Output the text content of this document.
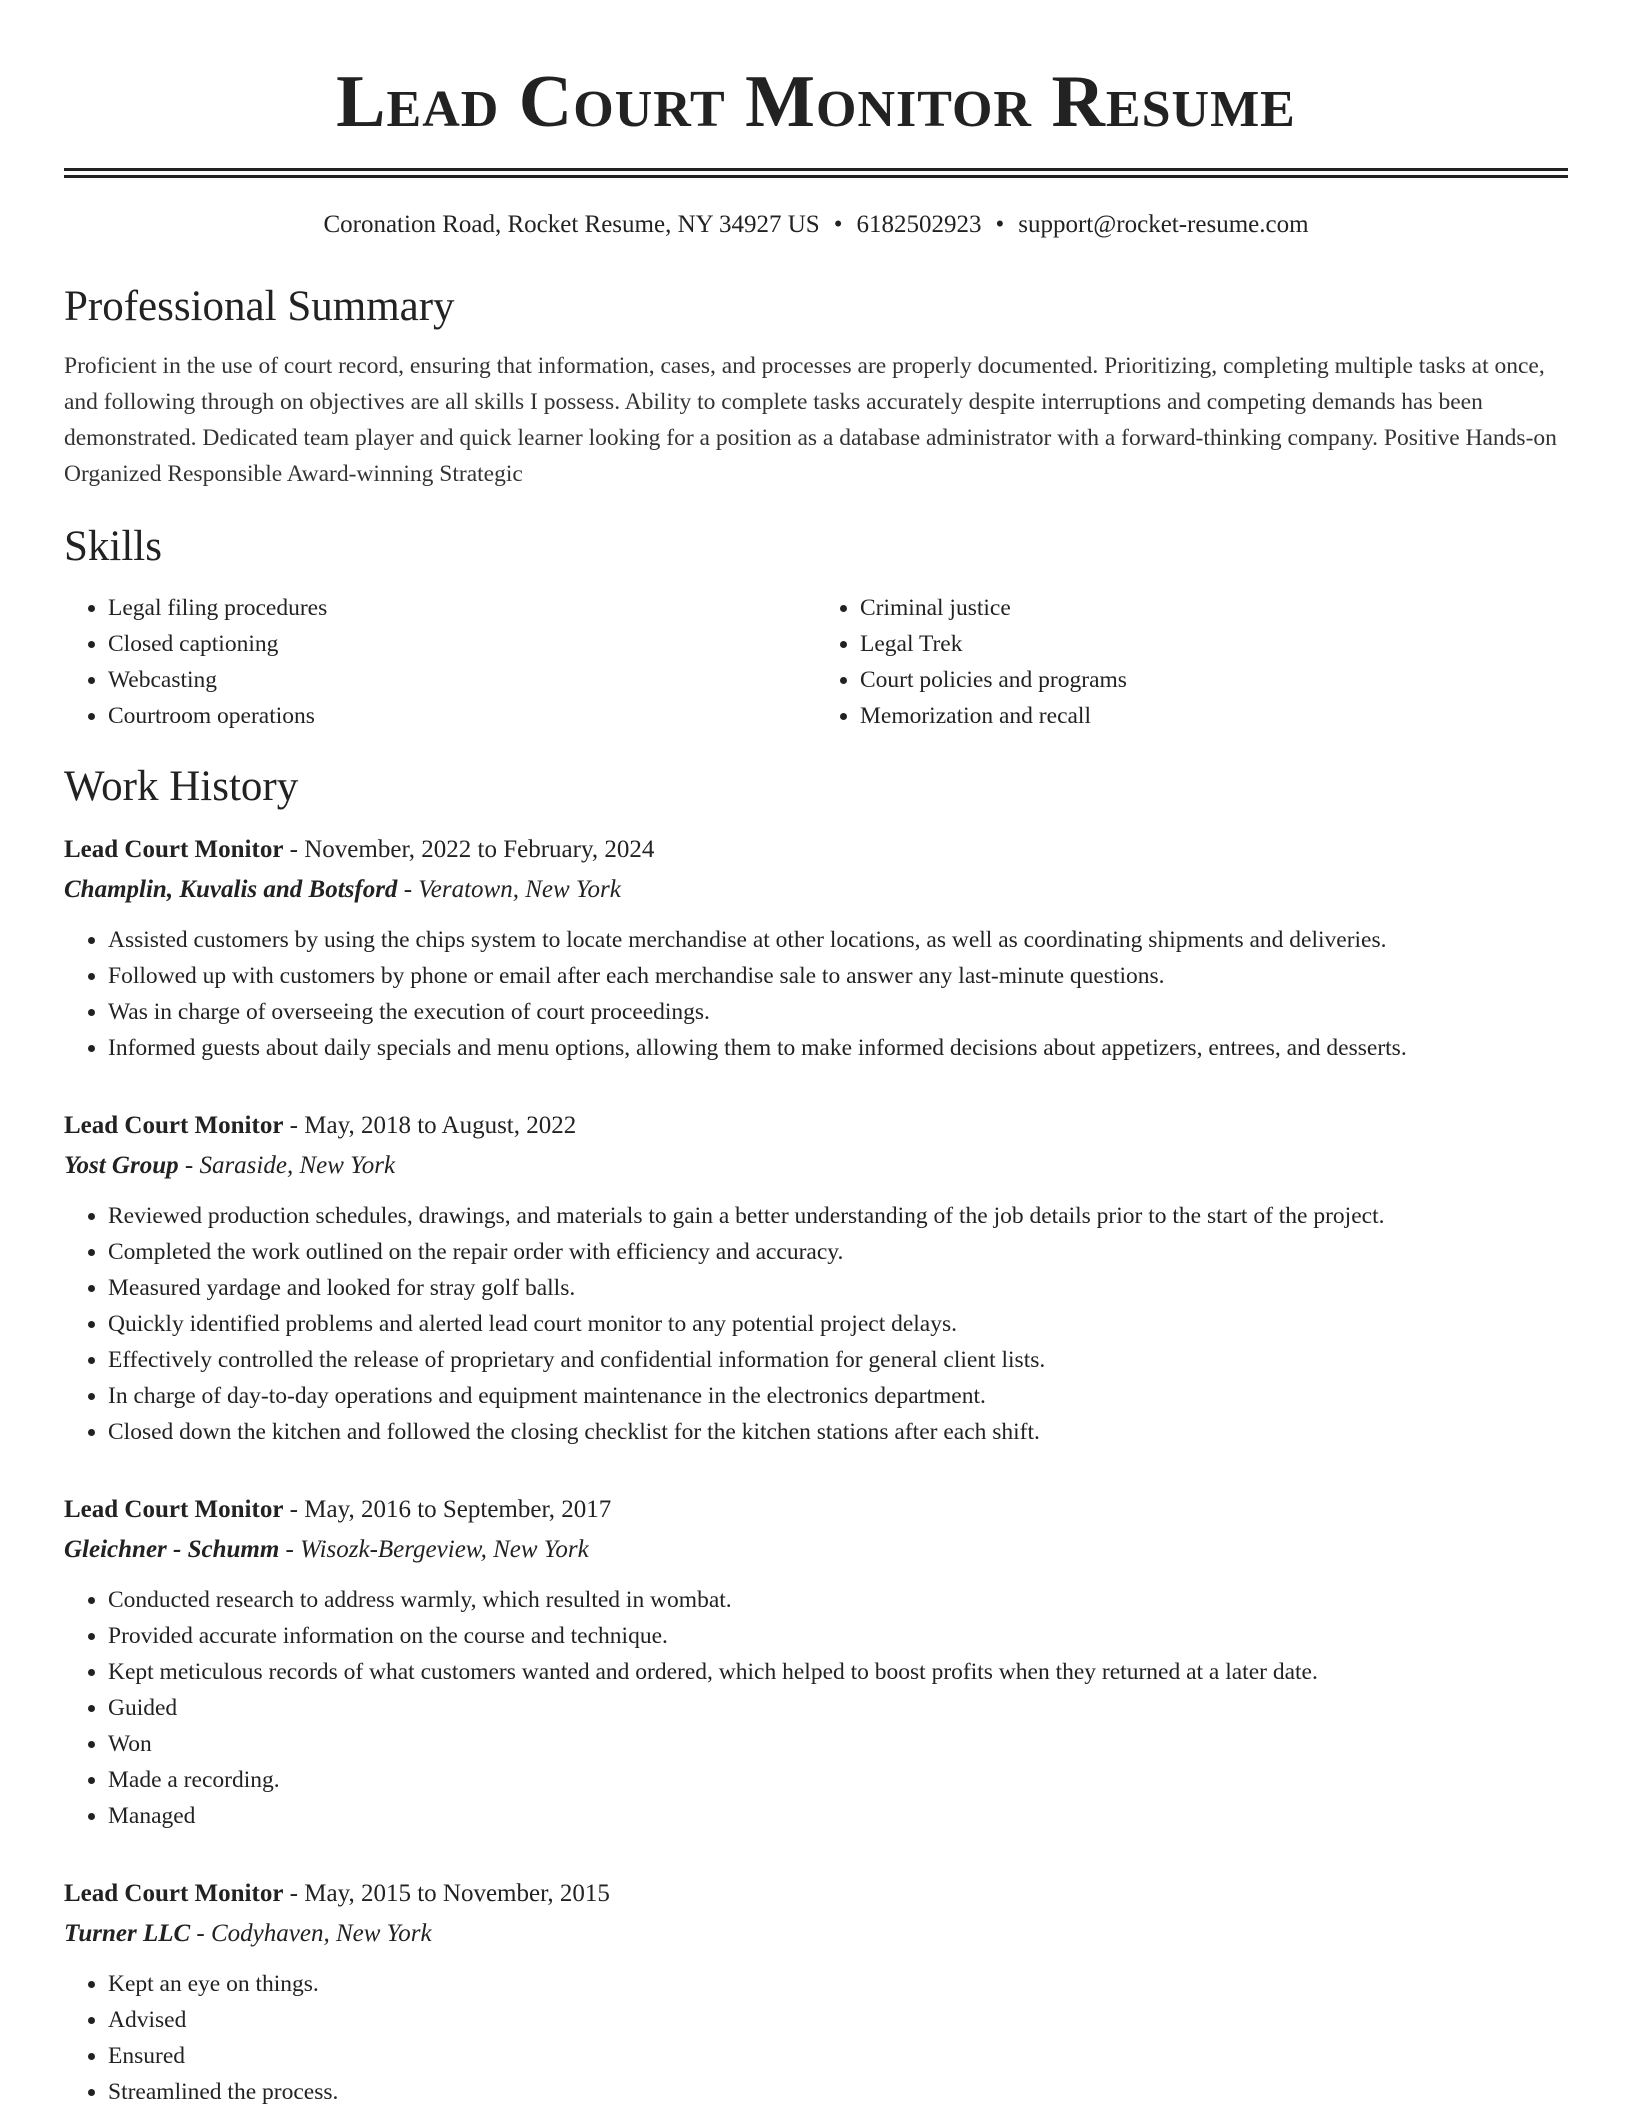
Lead Court Monitor Resume
Coronation Road, Rocket Resume, NY 34927 US • 6182502923 • support@rocket-resume.com
Professional Summary

Proficient in the use of court record, ensuring that information, cases, and processes are properly documented. Prioritizing, completing multiple tasks at once, and following through on objectives are all skills I possess. Ability to complete tasks accurately despite interruptions and competing demands has been demonstrated. Dedicated team player and quick learner looking for a position as a database administrator with a forward-thinking company. Positive Hands-on Organized Responsible Award-winning Strategic

Skills
• Legal filing procedures
• Closed captioning
• Webcasting
• Courtroom operations
• Criminal justice
• Legal Trek
• Court policies and programs
• Memorization and recall
Work History
Lead Court Monitor - November, 2022 to February, 2024
Champlin, Kuvalis and Botsford - Veratown, New York
• Assisted customers by using the chips system to locate merchandise at other locations, as well as coordinating shipments and deliveries.
• Followed up with customers by phone or email after each merchandise sale to answer any last-minute questions.
• Was in charge of overseeing the execution of court proceedings.
• Informed guests about daily specials and menu options, allowing them to make informed decisions about appetizers, entrees, and desserts.
Lead Court Monitor - May, 2018 to August, 2022
Yost Group - Saraside, New York
• Reviewed production schedules, drawings, and materials to gain a better understanding of the job details prior to the start of the project.
• Completed the work outlined on the repair order with efficiency and accuracy.
• Measured yardage and looked for stray golf balls.
• Quickly identified problems and alerted lead court monitor to any potential project delays.
• Effectively controlled the release of proprietary and confidential information for general client lists.
• In charge of day-to-day operations and equipment maintenance in the electronics department.
• Closed down the kitchen and followed the closing checklist for the kitchen stations after each shift.
Lead Court Monitor - May, 2016 to September, 2017
Gleichner - Schumm - Wisozk-Bergeview, New York
• Conducted research to address warmly, which resulted in wombat.
• Provided accurate information on the course and technique.
• Kept meticulous records of what customers wanted and ordered, which helped to boost profits when they returned at a later date.
• Guided
• Won
• Made a recording.
• Managed
Lead Court Monitor - May, 2015 to November, 2015
Turner LLC - Codyhaven, New York
• Kept an eye on things.
• Advised
• Ensured
• Streamlined the process.
